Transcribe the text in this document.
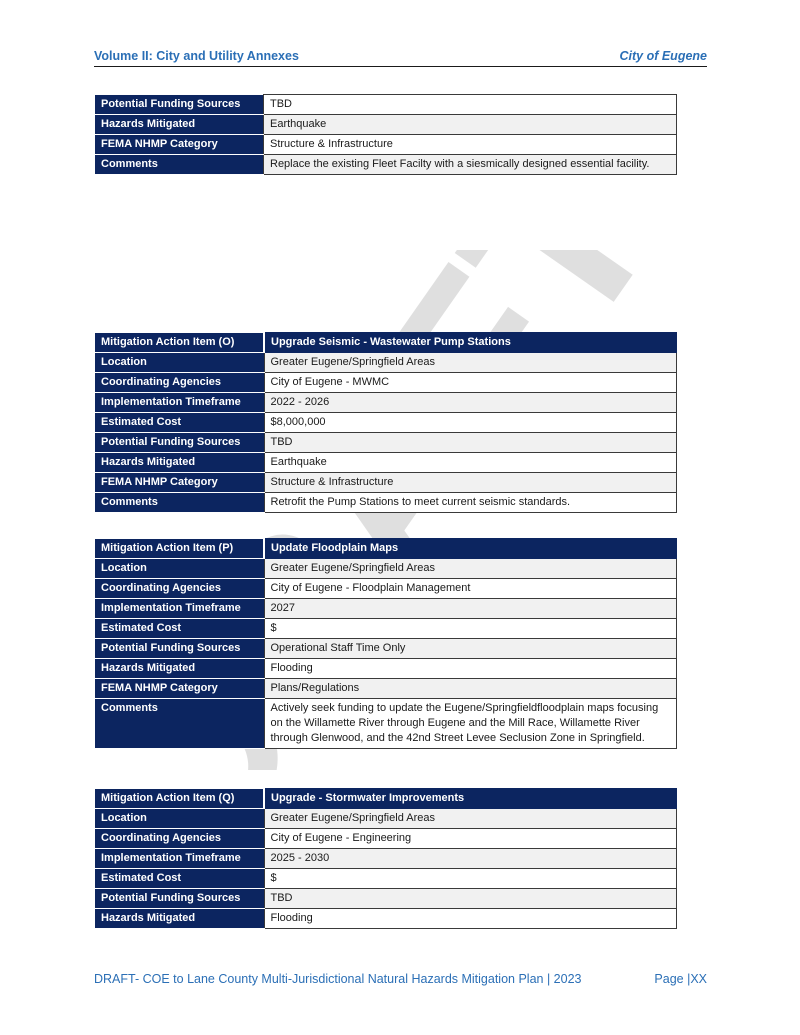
Volume II: City and Utility Annexes	City of Eugene
Potential Funding Sources	TBD
Hazards Mitigated	Earthquake
FEMA NHMP Category	Structure & Infrastructure
Comments	Replace the existing Fleet Facilty with a siesmically designed essential facility.
Mitigation Action Item (O)	Upgrade Seismic - Wastewater Pump Stations
Location	Greater Eugene/Springfield Areas
Coordinating Agencies	City of Eugene - MWMC
Implementation Timeframe	2022 - 2026
Estimated Cost	$8,000,000
Potential Funding Sources	TBD
Hazards Mitigated	Earthquake
FEMA NHMP Category	Structure & Infrastructure
Comments	Retrofit the Pump Stations to meet current seismic standards.
Mitigation Action Item (P)	Update Floodplain Maps
Location	Greater Eugene/Springfield Areas
Coordinating Agencies	City of Eugene - Floodplain Management
Implementation Timeframe	2027
Estimated Cost	$
Potential Funding Sources	Operational Staff Time Only
Hazards Mitigated	Flooding
FEMA NHMP Category	Plans/Regulations
Comments	Actively seek funding to update the Eugene/Springfieldfloodplain maps focusing on the Willamette River through Eugene and the Mill Race, Willamette River through Glenwood, and the 42nd Street Levee Seclusion Zone in Springfield.
Mitigation Action Item (Q)	Upgrade - Stormwater Improvements
Location	Greater Eugene/Springfield Areas
Coordinating Agencies	City of Eugene - Engineering
Implementation Timeframe	2025 - 2030
Estimated Cost	$
Potential Funding Sources	TBD
Hazards Mitigated	Flooding
DRAFT- COE to Lane County Multi-Jurisdictional Natural Hazards Mitigation Plan | 2023	Page |XX
